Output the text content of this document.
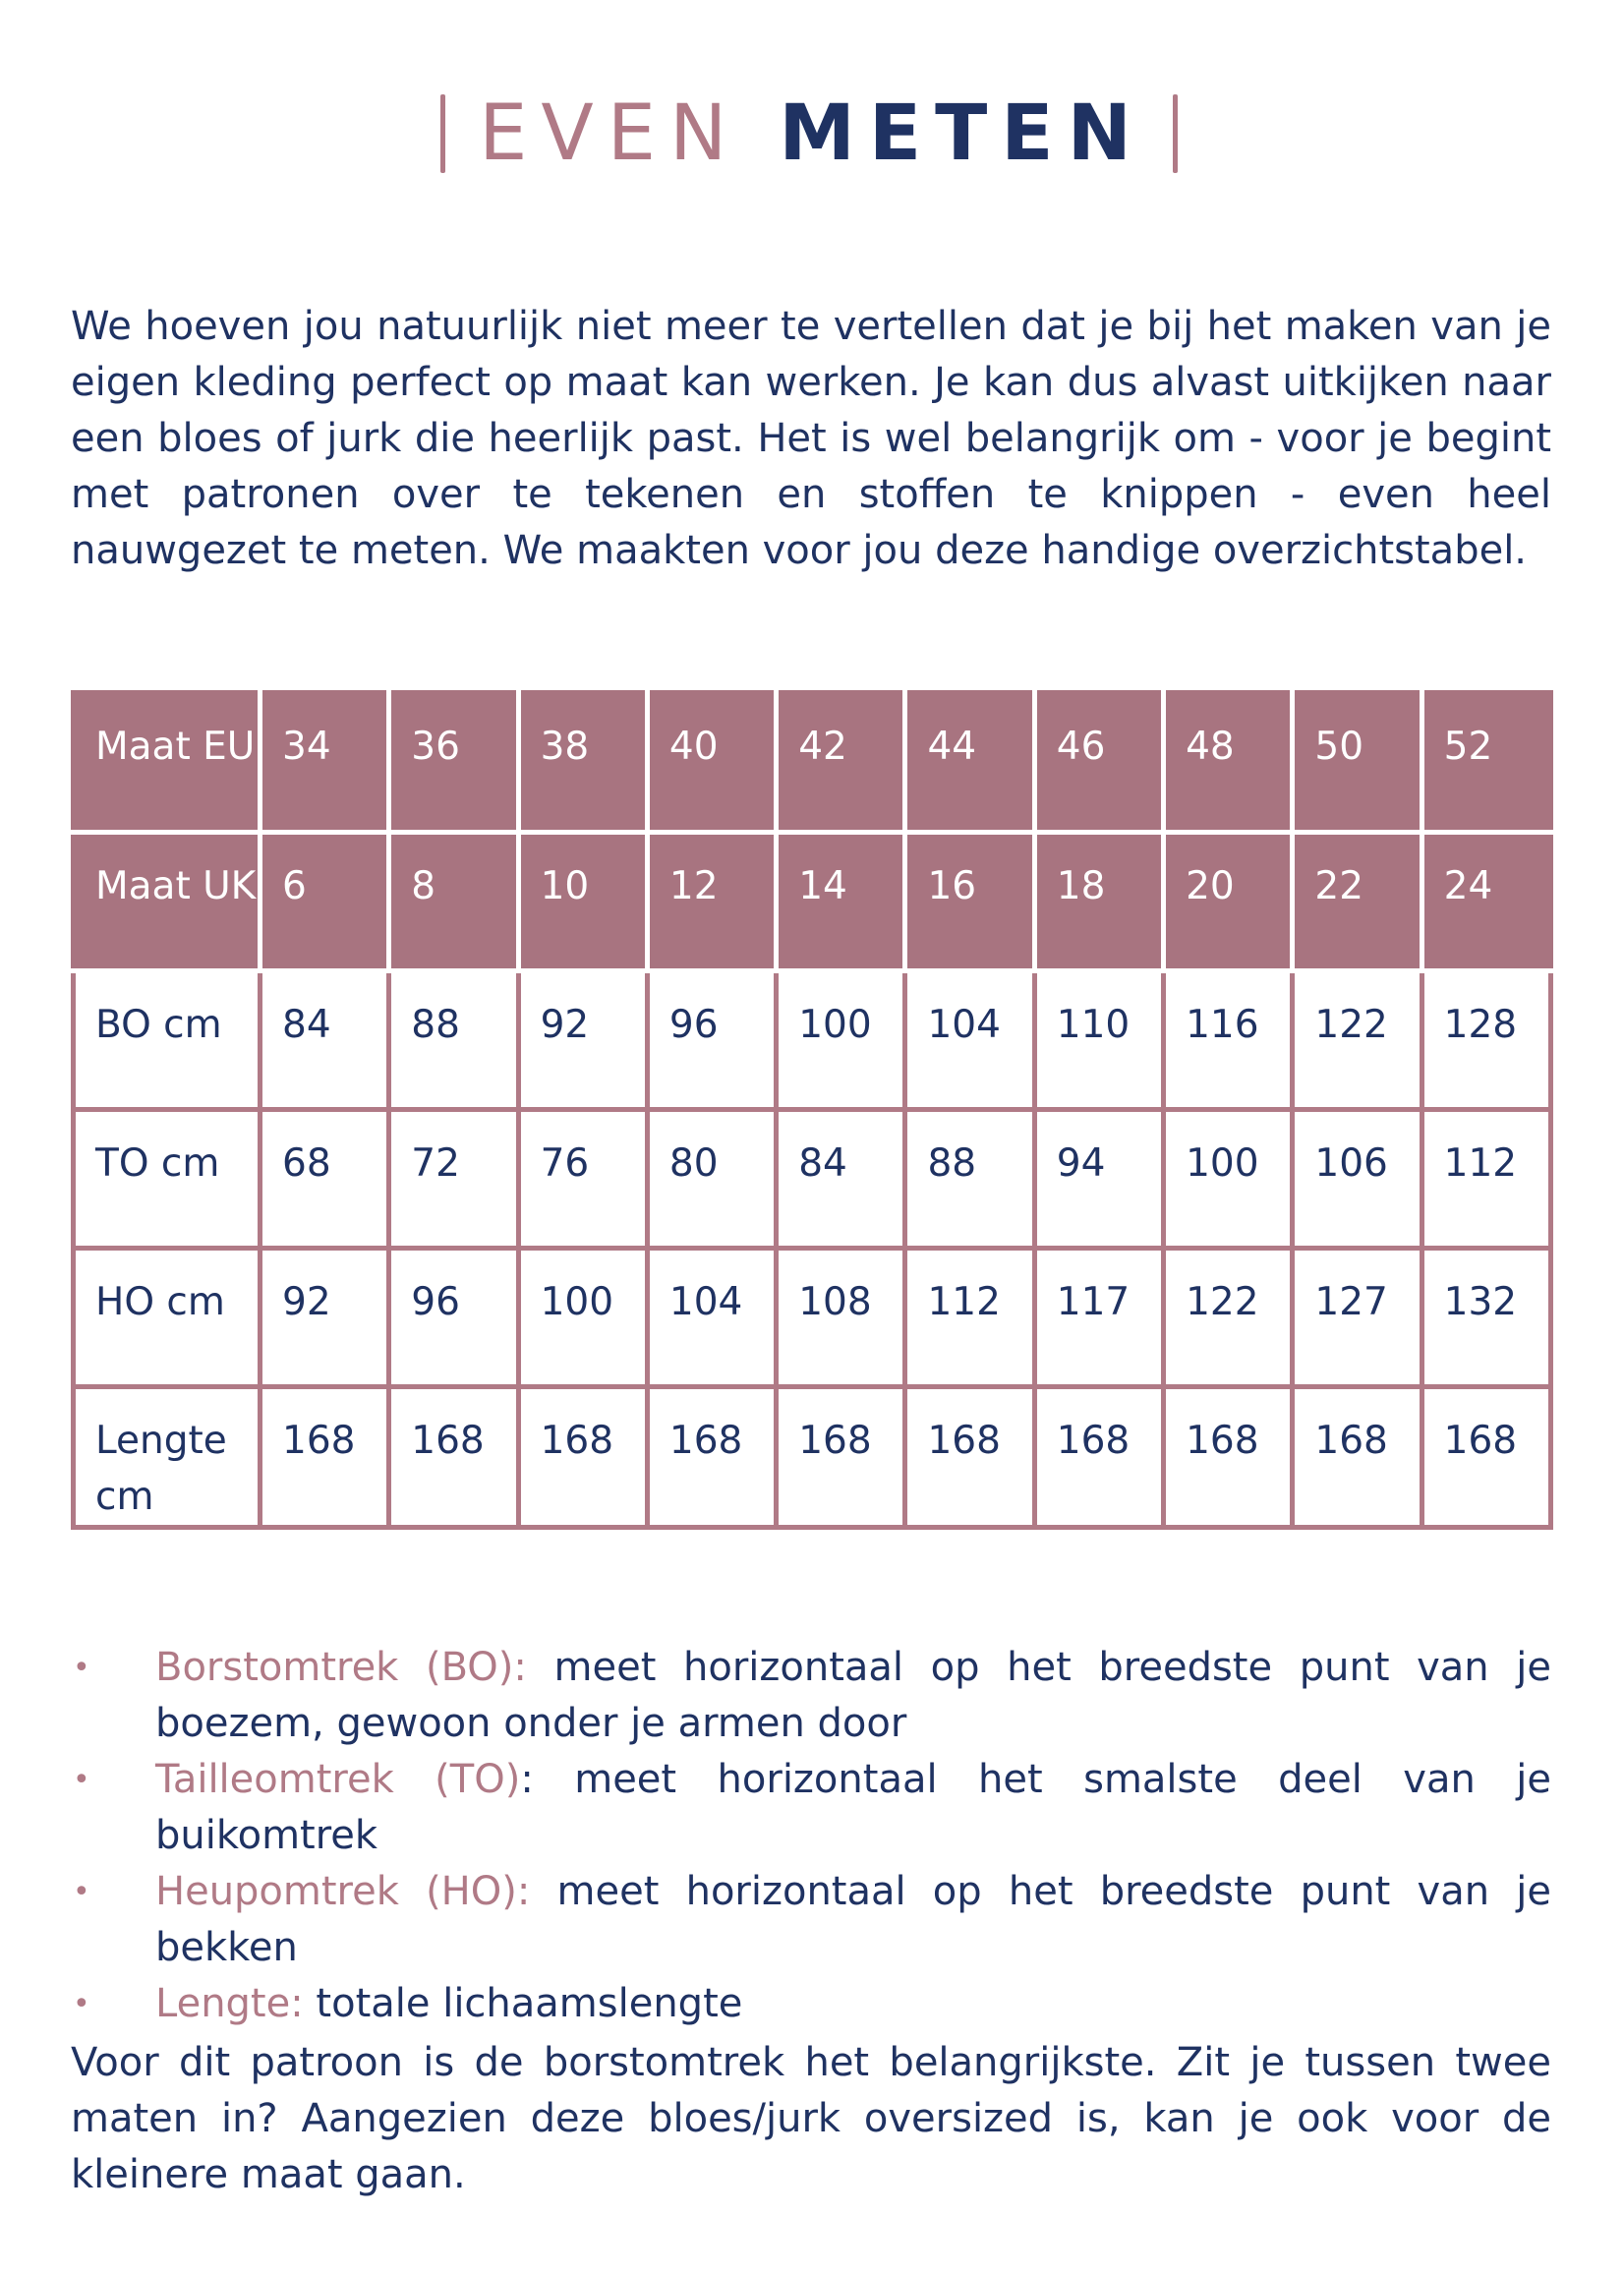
EVEN METEN

We hoeven jou natuurlijk niet meer te vertellen dat je bij het maken van je eigen kleding perfect op maat kan werken. Je kan dus alvast uitkijken naar een bloes of jurk die heerlijk past. Het is wel belangrijk om - voor je begint met patronen over te tekenen en stoffen te knippen - even heel nauwgezet te meten. We maakten voor jou deze handige overzichtstabel.

Maat EU	34	36	38	40	42	44	46	48	50	52
Maat UK	6	8	10	12	14	16	18	20	22	24
BO cm	84	88	92	96	100	104	110	116	122	128
TO cm	68	72	76	80	84	88	94	100	106	112
HO cm	92	96	100	104	108	112	117	122	127	132
Lengte cm	168	168	168	168	168	168	168	168	168	168
• Borstomtrek (BO): meet horizontaal op het breedste punt van je boezem, gewoon onder je armen door
• Tailleomtrek (TO): meet horizontaal het smalste deel van je buikomtrek
• Heupomtrek (HO): meet horizontaal op het breedste punt van je bekken
• Lengte: totale lichaamslengte

Voor dit patroon is de borstomtrek het belangrijkste. Zit je tussen twee maten in? Aangezien deze bloes/jurk oversized is, kan je ook voor de kleinere maat gaan.
